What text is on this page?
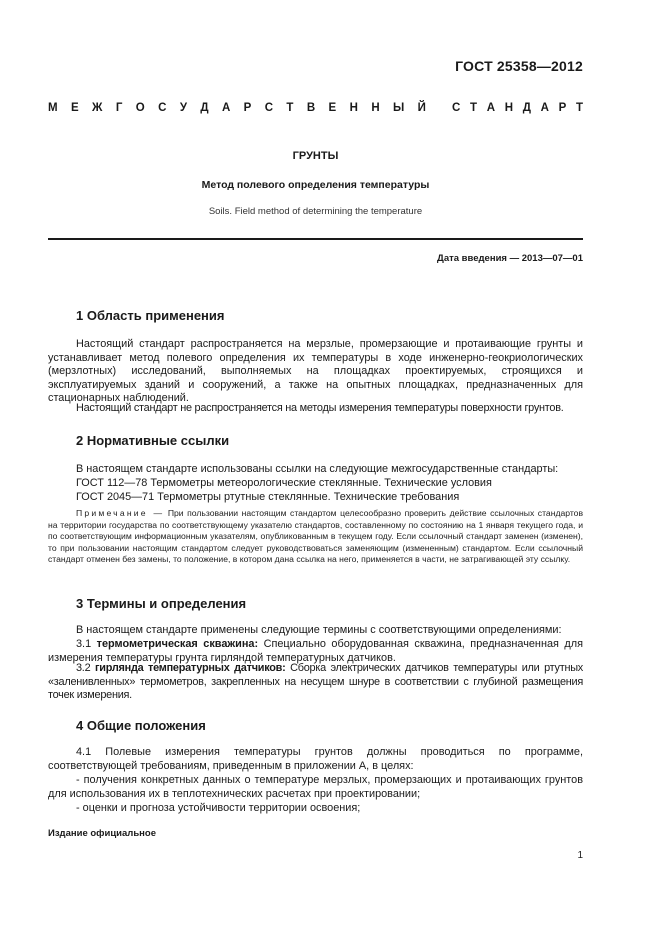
ГОСТ 25358—2012
М Е Ж Г О С У Д А Р С Т В Е Н Н Ы Й С Т А Н Д А Р Т
ГРУНТЫ
Метод полевого определения температуры
Soils. Field method of determining the temperature
Дата введения — 2013—07—01
1 Область применения
Настоящий стандарт распространяется на мерзлые, промерзающие и протаивающие грунты и устанавливает метод полевого определения их температуры в ходе инженерно-геокриологических (мерзлотных) исследований, выполняемых на площадках проектируемых, строящихся и эксплуатируемых зданий и сооружений, а также на опытных площадках, предназначенных для стационарных наблюдений.
Настоящий стандарт не распространяется на методы измерения температуры поверхности грунтов.
2 Нормативные ссылки
В настоящем стандарте использованы ссылки на следующие межгосударственные стандарты:
ГОСТ 112—78 Термометры метеорологические стеклянные. Технические условия
ГОСТ 2045—71 Термометры ртутные стеклянные. Технические требования
Примечание — При пользовании настоящим стандартом целесообразно проверить действие ссылочных стандартов на территории государства по соответствующему указателю стандартов, составленному по состоянию на 1 января текущего года, и по соответствующим информационным указателям, опубликованным в текущем году. Если ссылочный стандарт заменен (изменен), то при пользовании настоящим стандартом следует руководствоваться заменяющим (измененным) стандартом. Если ссылочный стандарт отменен без замены, то положение, в котором дана ссылка на него, применяется в части, не затрагивающей эту ссылку.
3 Термины и определения
В настоящем стандарте применены следующие термины с соответствующими определениями:
3.1 термометрическая скважина: Специально оборудованная скважина, предназначенная для измерения температуры грунта гирляндой температурных датчиков.
3.2 гирлянда температурных датчиков: Сборка электрических датчиков температуры или ртутных «заленивленных» термометров, закрепленных на несущем шнуре в соответствии с глубиной размещения точек измерения.
4 Общие положения
4.1 Полевые измерения температуры грунтов должны проводиться по программе, соответствующей требованиям, приведенным в приложении А, в целях:
- получения конкретных данных о температуре мерзлых, промерзающих и протаивающих грунтов для использования их в теплотехнических расчетах при проектировании;
- оценки и прогноза устойчивости территории освоения;
Издание официальное
1
